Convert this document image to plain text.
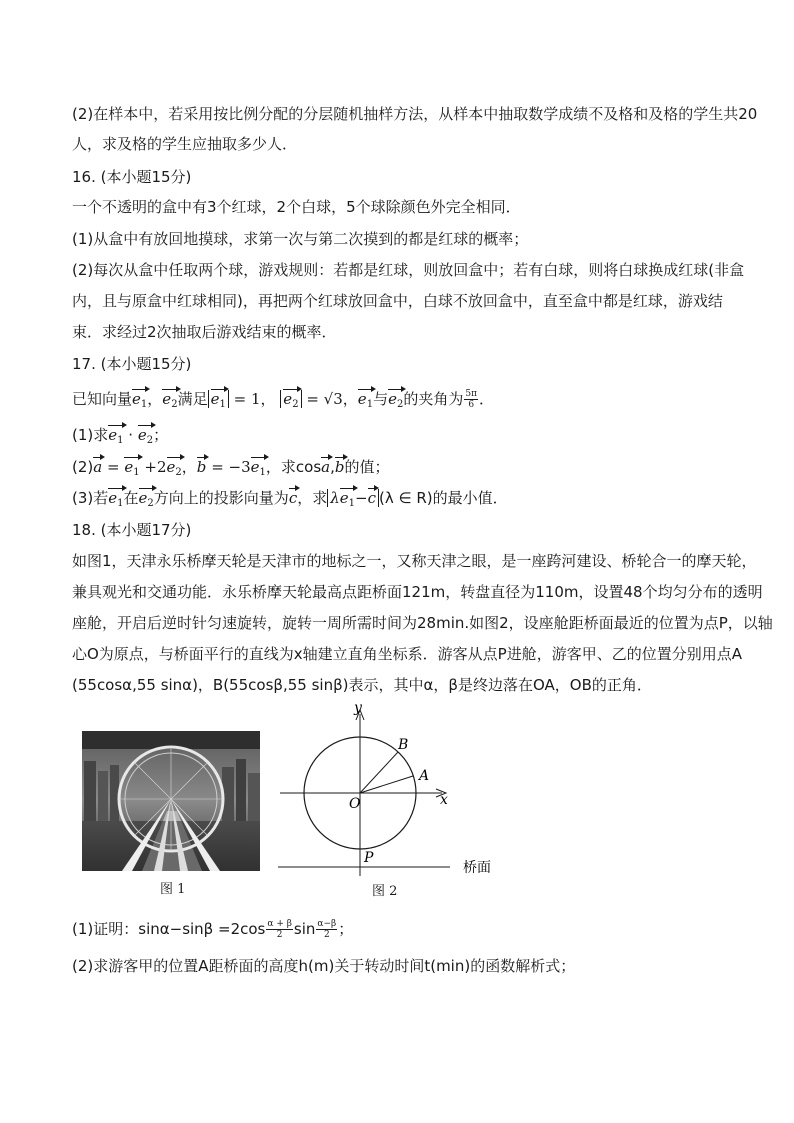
(2)在样本中，若采用按比例分配的分层随机抽样方法，从样本中抽取数学成绩不及格和及格的学生共20
人，求及格的学生应抽取多少人．
16. (本小题15分)
一个不透明的盒中有3个红球，2个白球，5个球除颜色外完全相同．
(1)从盒中有放回地摸球，求第一次与第二次摸到的都是红球的概率；
(2)每次从盒中任取两个球，游戏规则：若都是红球，则放回盒中；若有白球，则将白球换成红球(非盒
内，且与原盒中红球相同)，再把两个红球放回盒中，白球不放回盒中，直至盒中都是红球，游戏结
束．求经过2次抽取后游戏结束的概率．
17. (本小题15分)
已知向量$e_1$，$e_2$满足 $e_1 = 1$， $e_2 = √3$，$e_1$与$e_2$的夹角为 $\frac{5\pi}{6}$ ．
(1)求$e_1 \cdot e_2$；
$(2)a = e_1 +2e_2$，$b = -3e_1$，求cosa,b的值；
(3)若$e_1$在$e_2$方向上的投影向量为c，求 $\lambda e_1-c$ (λ ∈ R)的最小值．
18. (本小题17分)
如图1，天津永乐桥摩天轮是天津市的地标之一，又称天津之眼，是一座跨河建设、桥轮合一的摩天轮，
兼具观光和交通功能．永乐桥摩天轮最高点距桥面121m，转盘直径为110m，设置48个均匀分布的透明
座舱，开启后逆时针匀速旋转，旋转一周所需时间为28min.如图2，设座舱距桥面最近的位置为点P，以轴
心O为原点，与桥面平行的直线为x轴建立直角坐标系．游客从点P进舱，游客甲、乙的位置分别用点A
(55cosα,55 sinα)，B(55cosβ,55 sinβ)表示，其中α，β是终边落在OA，OB的正角．
图 1
y
x
O
B
A
P
桥面
图 2
(1)证明：$\sin\alpha-\sin\beta =2\cos \frac{\alpha + \beta}{2}$ $\sin \frac{\alpha-\beta}{2}$ ；
(2)求游客甲的位置A距桥面的高度h(m)关于转动时间t(min)的函数解析式；
